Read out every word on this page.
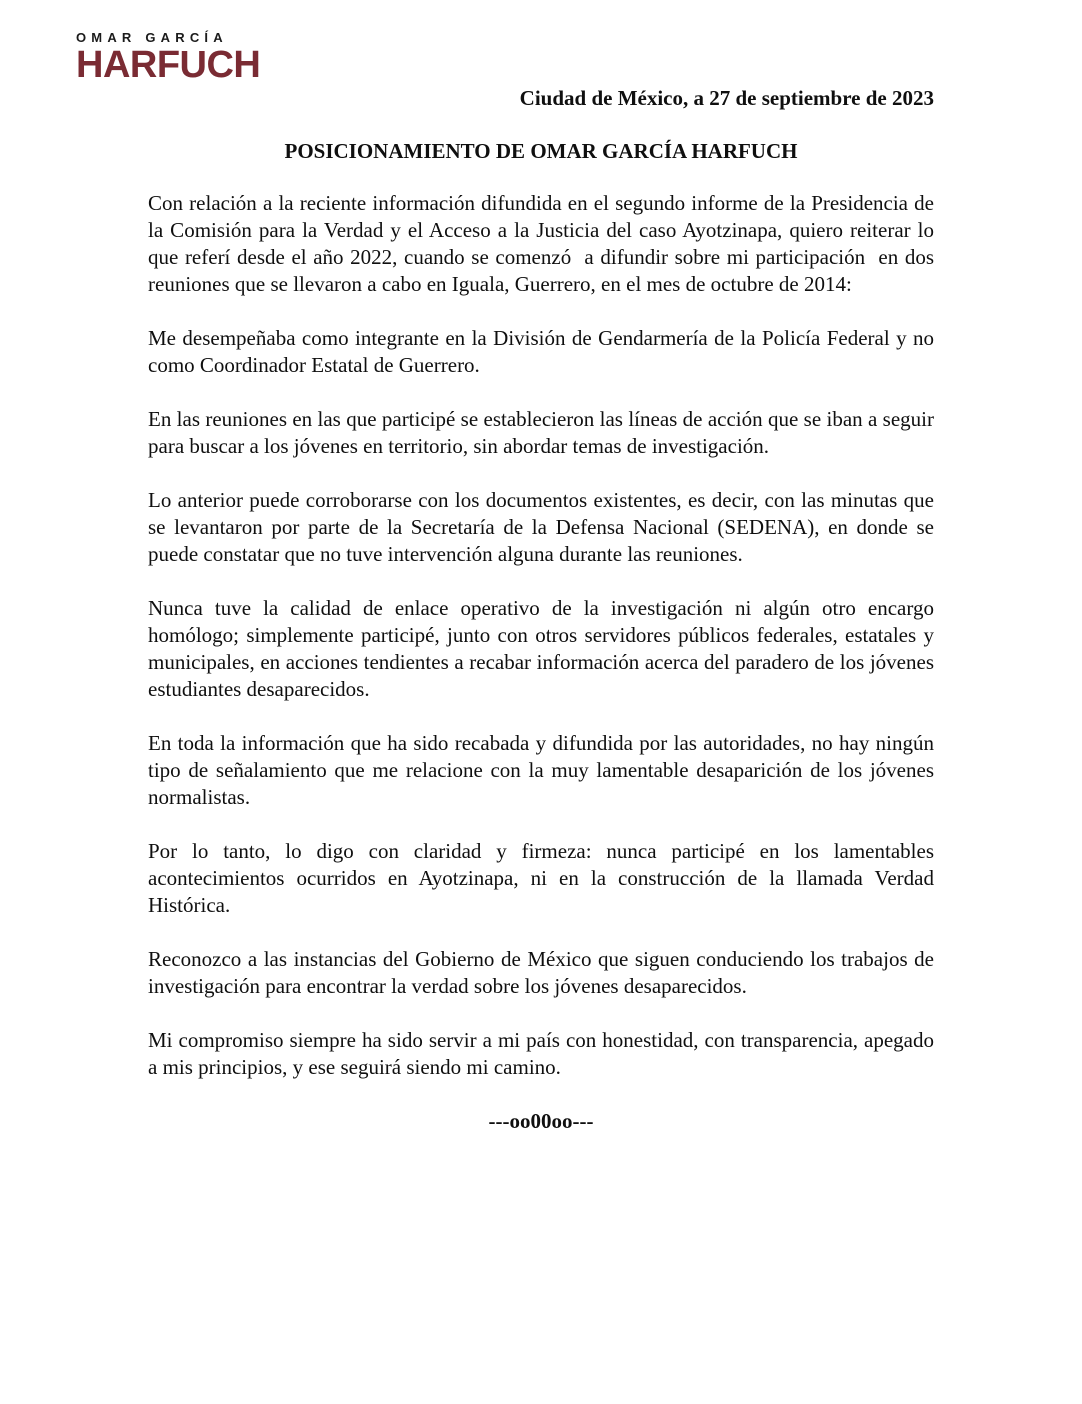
OMAR GARCÍA
HARFUCH
Ciudad de México, a 27 de septiembre de 2023
POSICIONAMIENTO DE OMAR GARCÍA HARFUCH

Con relación a la reciente información difundida en el segundo informe de la Presidencia de la Comisión para la Verdad y el Acceso a la Justicia del caso Ayotzinapa, quiero reiterar lo que referí desde el año 2022, cuando se comenzó  a difundir sobre mi participación  en dos reuniones que se llevaron a cabo en Iguala, Guerrero, en el mes de octubre de 2014:

Me desempeñaba como integrante en la División de Gendarmería de la Policía Federal y no como Coordinador Estatal de Guerrero.

En las reuniones en las que participé se establecieron las líneas de acción que se iban a seguir para buscar a los jóvenes en territorio, sin abordar temas de investigación.

Lo anterior puede corroborarse con los documentos existentes, es decir, con las minutas que se levantaron por parte de la Secretaría de la Defensa Nacional (SEDENA), en donde se puede constatar que no tuve intervención alguna durante las reuniones.

Nunca tuve la calidad de enlace operativo de la investigación ni algún otro encargo homólogo; simplemente participé, junto con otros servidores públicos federales, estatales y municipales, en acciones tendientes a recabar información acerca del paradero de los jóvenes estudiantes desaparecidos.

En toda la información que ha sido recabada y difundida por las autoridades, no hay ningún tipo de señalamiento que me relacione con la muy lamentable desaparición de los jóvenes normalistas.

Por lo tanto, lo digo con claridad y firmeza: nunca participé en los lamentables acontecimientos ocurridos en Ayotzinapa, ni en la construcción de la llamada Verdad Histórica.

Reconozco a las instancias del Gobierno de México que siguen conduciendo los trabajos de investigación para encontrar la verdad sobre los jóvenes desaparecidos.

Mi compromiso siempre ha sido servir a mi país con honestidad, con transparencia, apegado a mis principios, y ese seguirá siendo mi camino.

---oo00oo---
